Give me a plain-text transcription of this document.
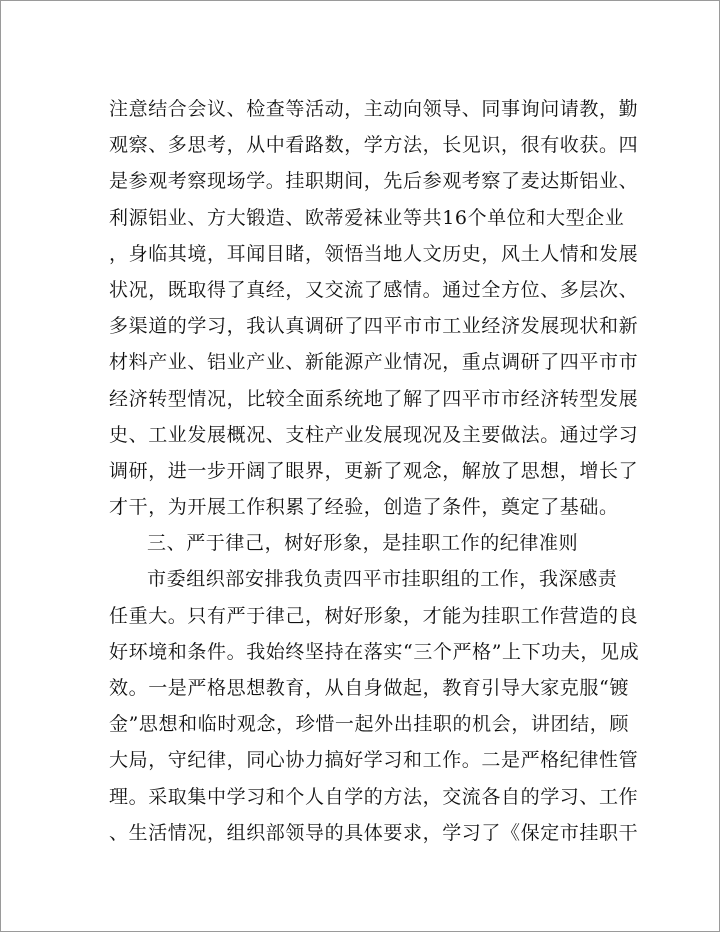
注意结合会议、检查等活动，主动向领导、同事询问请教，勤
观察、多思考，从中看路数，学方法，长见识，很有收获。四
是参观考察现场学。挂职期间，先后参观考察了麦达斯铝业、
利源铝业、方大锻造、欧蒂爱袜业等共16个单位和大型企业
，身临其境，耳闻目睹，领悟当地人文历史，风土人情和发展
状况，既取得了真经，又交流了感情。通过全方位、多层次、
多渠道的学习，我认真调研了四平市市工业经济发展现状和新
材料产业、铝业产业、新能源产业情况，重点调研了四平市市
经济转型情况，比较全面系统地了解了四平市市经济转型发展
史、工业发展概况、支柱产业发展现况及主要做法。通过学习
调研，进一步开阔了眼界，更新了观念，解放了思想，增长了
才干，为开展工作积累了经验，创造了条件，奠定了基础。
三、严于律己，树好形象，是挂职工作的纪律准则
市委组织部安排我负责四平市挂职组的工作，我深感责
任重大。只有严于律己，树好形象，才能为挂职工作营造的良
好环境和条件。我始终坚持在落实“三个严格”上下功夫，见成
效。一是严格思想教育，从自身做起，教育引导大家克服“镀
金”思想和临时观念，珍惜一起外出挂职的机会，讲团结，顾
大局，守纪律，同心协力搞好学习和工作。二是严格纪律性管
理。采取集中学习和个人自学的方法，交流各自的学习、工作
、生活情况，组织部领导的具体要求，学习了《保定市挂职干
